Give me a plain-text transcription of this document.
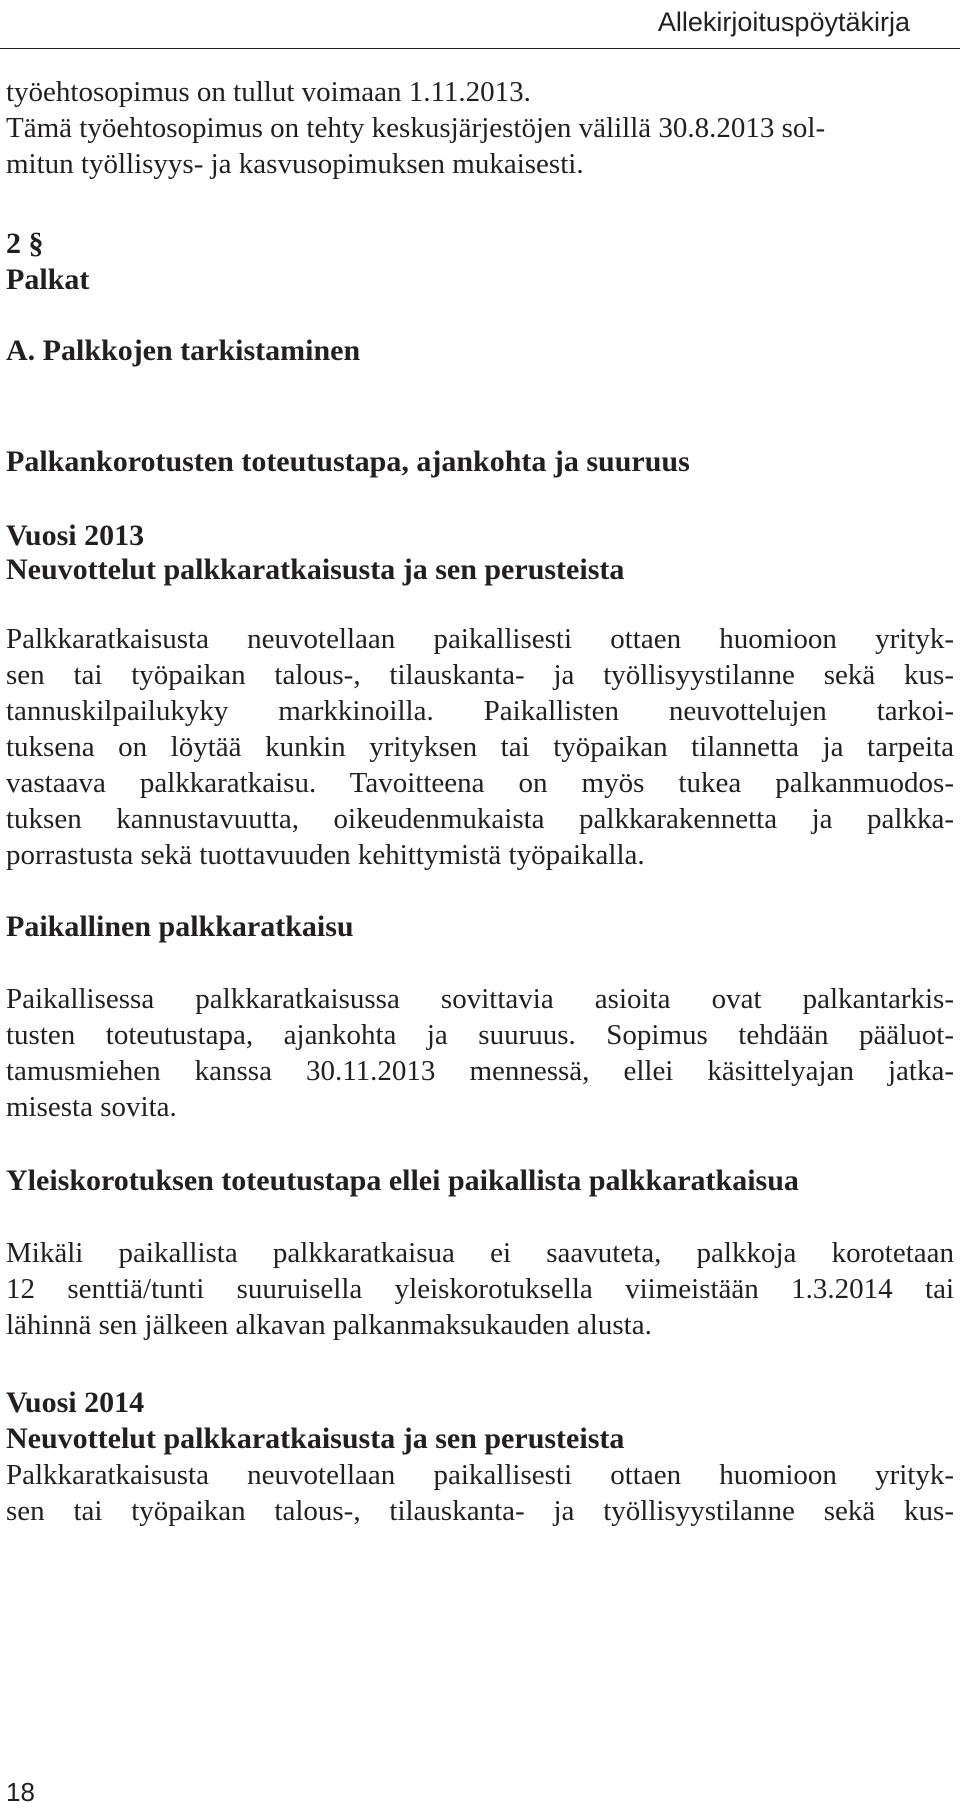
Allekirjoituspöytäkirja
työehtosopimus on tullut voimaan 1.11.2013.
Tämä työehtosopimus on tehty keskusjärjestöjen välillä 30.8.2013 sol-
mitun työllisyys- ja kasvusopimuksen mukaisesti.
2 §
Palkat
A. Palkkojen tarkistaminen
Palkankorotusten toteutustapa, ajankohta ja suuruus
Vuosi 2013
Neuvottelut palkkaratkaisusta ja sen perusteista
Palkkaratkaisusta neuvotellaan paikallisesti ottaen huomioon yrityk-
sen tai työpaikan talous-, tilauskanta- ja työllisyystilanne sekä kus-
tannuskilpailukyky markkinoilla. Paikallisten neuvottelujen tarkoi-
tuksena on löytää kunkin yrityksen tai työpaikan tilannetta ja tarpeita
vastaava palkkaratkaisu. Tavoitteena on myös tukea palkanmuodos-
tuksen kannustavuutta, oikeudenmukaista palkkarakennetta ja palkka-
porrastusta sekä tuottavuuden kehittymistä työpaikalla.
Paikallinen palkkaratkaisu
Paikallisessa palkkaratkaisussa sovittavia asioita ovat palkantarkis-
tusten toteutustapa, ajankohta ja suuruus. Sopimus tehdään pääluot-
tamusmiehen kanssa 30.11.2013 mennessä, ellei käsittelyajan jatka-
misesta sovita.
Yleiskorotuksen toteutustapa ellei paikallista palkkaratkaisua
Mikäli paikallista palkkaratkaisua ei saavuteta, palkkoja korotetaan
12 senttiä/tunti suuruisella yleiskorotuksella viimeistään 1.3.2014 tai
lähinnä sen jälkeen alkavan palkanmaksukauden alusta.
Vuosi 2014
Neuvottelut palkkaratkaisusta ja sen perusteista
Palkkaratkaisusta neuvotellaan paikallisesti ottaen huomioon yrityk-
sen tai työpaikan talous-, tilauskanta- ja työllisyystilanne sekä kus-
18
